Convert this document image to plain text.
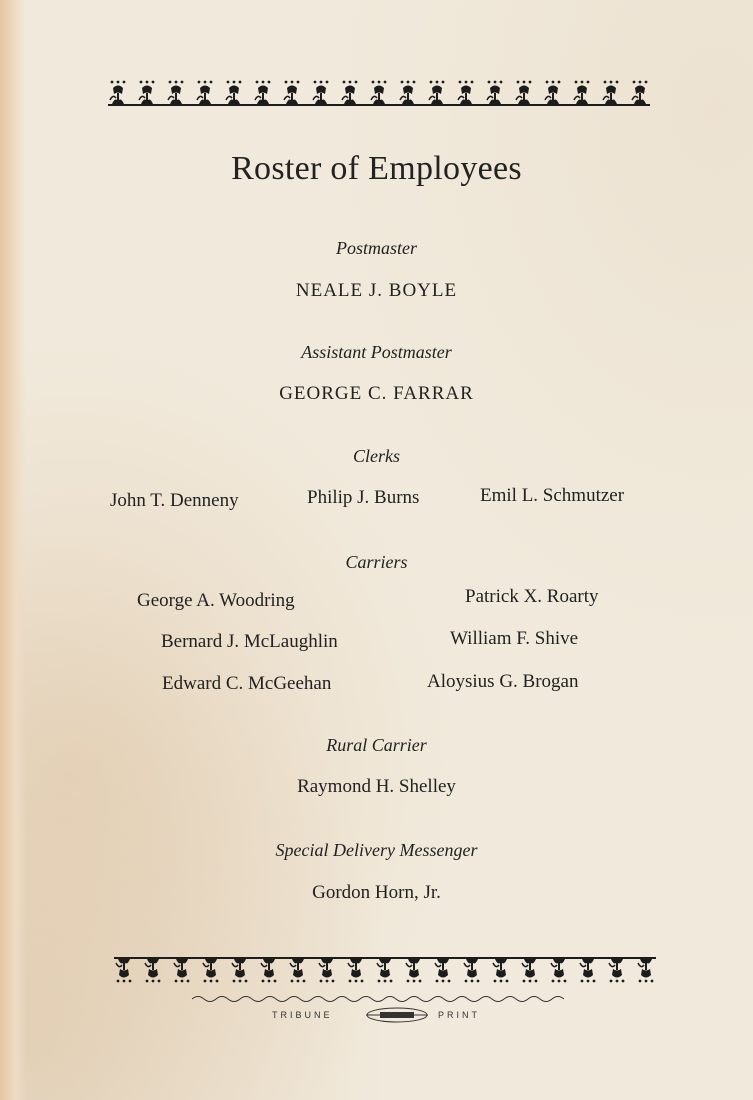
Roster of Employees
Postmaster
NEALE J. BOYLE
Assistant Postmaster
GEORGE C. FARRAR
Clerks
John T. Denneny	Philip J. Burns	Emil L. Schmutzer
Carriers
George A. Woodring	Patrick X. Roarty
Bernard J. McLaughlin	William F. Shive
Edward C. McGeehan	Aloysius G. Brogan
Rural Carrier
Raymond H. Shelley
Special Delivery Messenger
Gordon Horn, Jr.
TRIBUNE	PRINT
